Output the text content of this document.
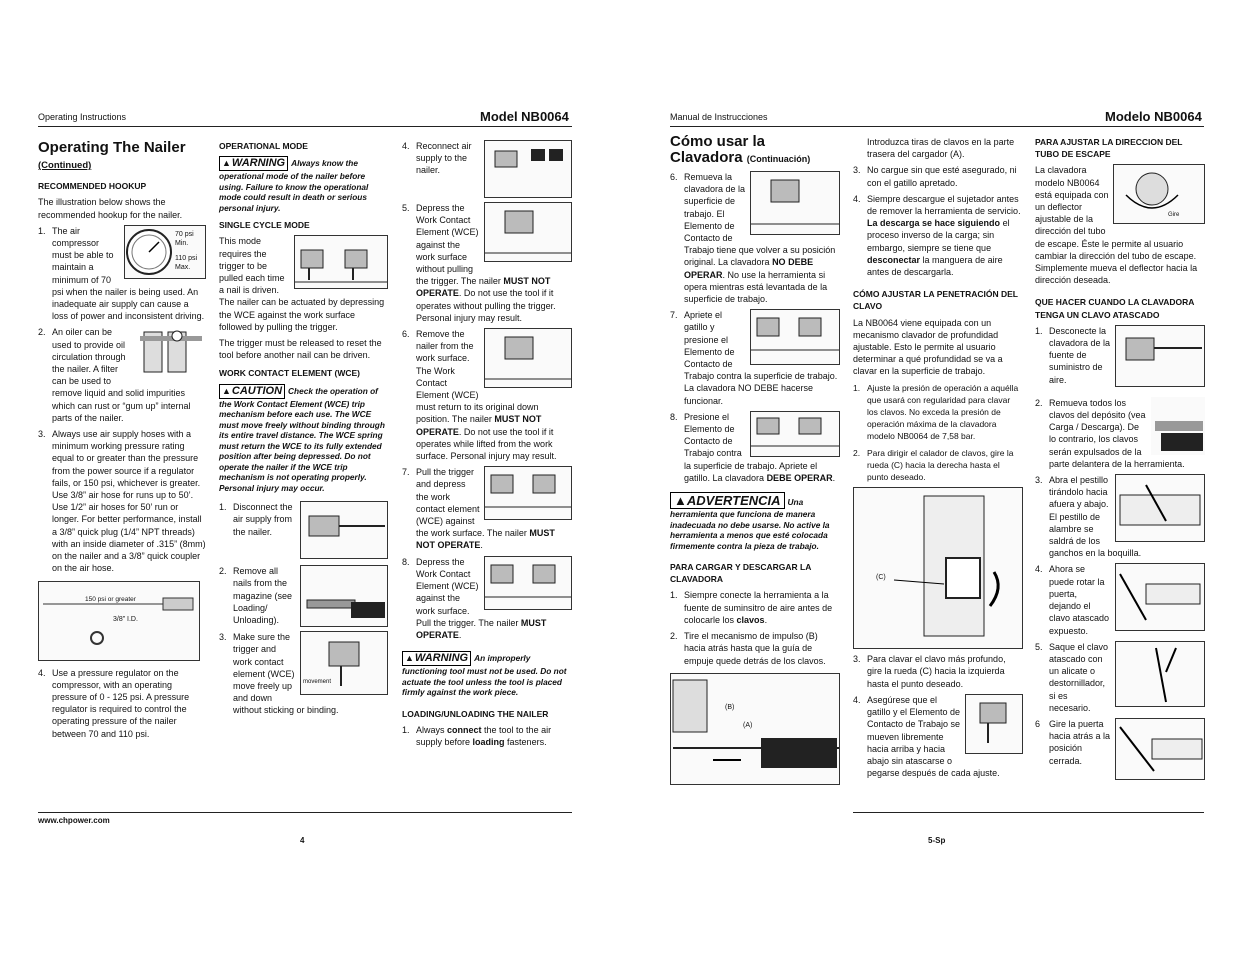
Operating Instructions	Model NB0064
Operating The Nailer
(Continued)
RECOMMENDED HOOKUP

The illustration below shows the recommended hookup for the nailer.

1.	70 psi Min.
110 psi Max.
The air compressor must be able to maintain a minimum of 70 psi when the nailer is being used. An inadequate air supply can cause a loss of power and inconsistent driving.
2. An oiler can be used to provide oil circulation through the nailer. A filter can be used to remove liquid and solid impurities which can rust or “gum up” internal parts of the nailer.
3. Always use air supply hoses with a minimum working pressure rating equal to or greater than the pressure from the power source if a regulator fails, or 150 psi, whichever is greater. Use 3/8” air hose for runs up to 50’. Use 1/2” air hoses for 50’ run or longer. For better performance, install a 3/8” quick plug (1/4” NPT threads) with an inside diameter of .315” (8mm) on the nailer and a 3/8” quick coupler on the air hose.
150 psi or greater
3/8” I.D.
4. Use a pressure regulator on the compressor, with an operating pressure of 0 - 125 psi. A pressure regulator is required to control the operating pressure of the nailer between 70 and 110 psi.
OPERATIONAL MODE

▲WARNING Always know the operational mode of the nailer before using. Failure to know the operational mode could result in death or serious personal injury.

SINGLE CYCLE MODE

This mode requires the trigger to be pulled each time a nail is driven. The nailer can be actuated by depressing the WCE against the work surface followed by pulling the trigger.

The trigger must be released to reset the tool before another nail can be driven.

WORK CONTACT ELEMENT (WCE)

▲CAUTION Check the operation of the Work Contact Element (WCE) trip mechanism before each use. The WCE must move freely without binding through its entire travel distance. The WCE spring must return the WCE to its fully extended position after being depressed. Do not operate the nailer if the WCE trip mechanism is not operating properly. Personal injury may occur.

1. Disconnect the air supply from the nailer.
2. Remove all nails from the magazine (see Loading/ Unloading).
3.
movement
Make sure the trigger and work contact element (WCE) move freely up and down without sticking or binding.
4. Reconnect air supply to the nailer.
5. Depress the Work Contact Element (WCE) against the work surface without pulling the trigger. The nailer MUST NOT OPERATE. Do not use the tool if it operates without pulling the trigger. Personal injury may result.
6. Remove the nailer from the work surface. The Work Contact Element (WCE) must return to its original down position. The nailer MUST NOT OPERATE. Do not use the tool if it operates while lifted from the work surface. Personal injury may result.
7. Pull the trigger and depress the work contact element (WCE) against the work surface. The nailer MUST NOT OPERATE.
8. Depress the Work Contact Element (WCE) against the work surface. Pull the trigger. The nailer MUST OPERATE.

▲WARNING An improperly functioning tool must not be used. Do not actuate the tool unless the tool is placed firmly against the work piece.

LOADING/UNLOADING THE NAILER
1. Always connect the tool to the air supply before loading fasteners.
www.chpower.com
4
Manual de Instrucciones	Modelo NB0064
Cómo usar la
Clavadora (Continuación)
6. Remueva la clavadora de la superficie de trabajo. El Elemento de Contacto de Trabajo tiene que volver a su posición original. La clavadora NO DEBE OPERAR. No use la herramienta si opera mientras está levantada de la superficie de trabajo.
7. Apriete el gatillo y presione el Elemento de Contacto de Trabajo contra la superficie de trabajo. La clavadora NO DEBE hacerse funcionar.
8. Presione el Elemento de Contacto de Trabajo contra la superficie de trabajo. Apriete el gatillo. La clavadora DEBE OPERAR.

▲ADVERTENCIA Una herramienta que funciona de manera inadecuada no debe usarse. No active la herramienta a menos que esté colocada firmemente contra la pieza de trabajo.

PARA CARGAR Y DESCARGAR LA CLAVADORA
1. Siempre conecte la herramienta a la fuente de suminsitro de aire antes de colocarle los clavos.
2. Tire el mecanismo de impulso (B) hacia atrás hasta que la guía de empuje quede detrás de los clavos.
(B)
(A)

Introduzca tiras de clavos en la parte trasera del cargador (A).

3. No cargue sin que esté asegurado, ni con el gatillo apretado.
4. Siempre descargue el sujetador antes de remover la herramienta de servicio. La descarga se hace siguiendo el proceso inverso de la carga; sin embargo, siempre se tiene que desconectar la manguera de aire antes de descargarla.
CÓMO AJUSTAR LA PENETRACIÓN DEL CLAVO

La NB0064 viene equipada con un mecanismo clavador de profundidad ajustable. Esto le permite al usuario determinar a qué profundidad se va a clavar en la superficie de trabajo.

1. Ajuste la presión de operación a aquélla que usará con regularidad para clavar los clavos. No exceda la presión de operación máxima de la clavadora modelo NB0064 de 7,58 bar.
2. Para dirigir el calador de clavos, gire la rueda (C) hacia la derecha hasta el punto deseado.
(C)
3. Para clavar el clavo más profundo, gire la rueda (C) hacia la izquierda hasta el punto deseado.
4. Asegúrese que el gatillo y el Elemento de Contacto de Trabajo se mueven libremente hacia arriba y hacia abajo sin atascarse o pegarse después de cada ajuste.
PARA AJUSTAR LA DIRECCION DEL TUBO DE ESCAPE

Gire
La clavadora modelo NB0064 está equipada con un deflector ajustable de la dirección del tubo de escape. Éste le permite al usuario cambiar la dirección del tubo de escape. Simplemente mueva el deflector hacia la dirección deseada.

QUE HACER CUANDO LA CLAVADORA TENGA UN CLAVO ATASCADO
1. Desconecte la clavadora de la fuente de suministro de aire.
2. Remueva todos los clavos del depósito (vea Carga / Descarga). De lo contrario, los clavos serán expulsados de la parte delantera de la herramienta.
3. Abra el pestillo tirándolo hacia afuera y abajo. El pestillo de alambre se saldrá de los ganchos en la boquilla.
4. Ahora se puede rotar la puerta, dejando el clavo atascado expuesto.
5. Saque el clavo atascado con un alicate o destornillador, si es necesario.
6 Gire la puerta hacia atrás a la posición cerrada.
5-Sp
